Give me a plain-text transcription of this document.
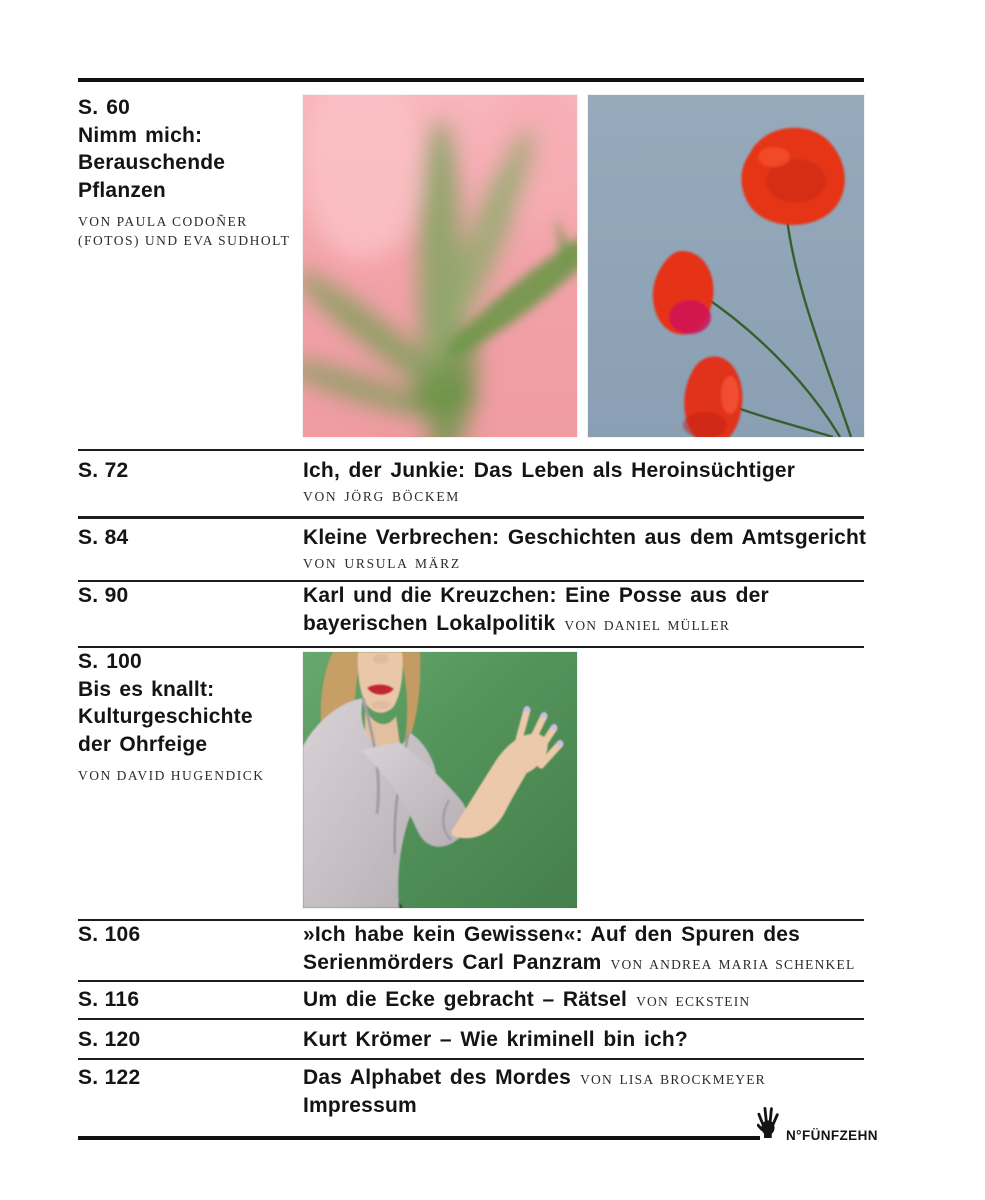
S. 60
Nimm mich:
Berauschende
Pflanzen
VON PAULA CODOÑER
(FOTOS) UND EVA SUDHOLT
S. 72	Ich, der Junkie: Das Leben als Heroinsüchtiger
VON JÖRG BÖCKEM
S. 84	Kleine Verbrechen: Geschichten aus dem Amtsgericht
VON URSULA MÄRZ
S. 90	Karl und die Kreuzchen: Eine Posse aus der
bayerischen Lokalpolitik VON DANIEL MÜLLER
S. 100
Bis es knallt:
Kulturgeschichte
der Ohrfeige
VON DAVID HUGENDICK
S. 106	»Ich habe kein Gewissen«: Auf den Spuren des
Serienmörders Carl Panzram VON ANDREA MARIA SCHENKEL
S. 116	Um die Ecke gebracht – Rätsel VON ECKSTEIN
S. 120	Kurt Krömer – Wie kriminell bin ich?
S. 122	Das Alphabet des Mordes VON LISA BROCKMEYER
Impressum
N°FÜNFZEHN
